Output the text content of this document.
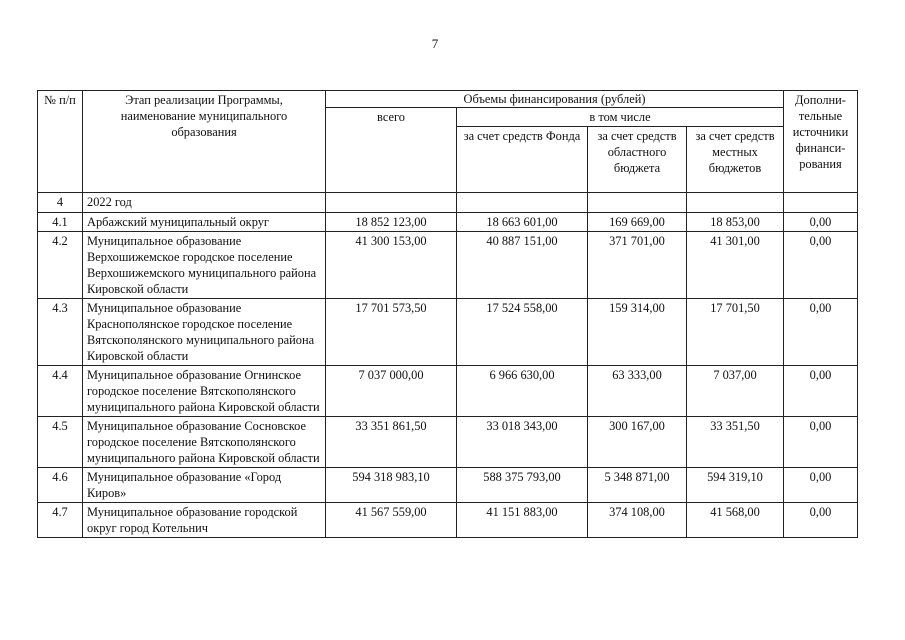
7
№ п/п	Этап реализации Программы, наименование муниципального образования	Объемы финансирования (рублей)				Дополни-тельные источники финанси-рования
		всего	в том числе			
			за счет средств Фонда	за счет средств областного бюджета	за счет средств местных бюджетов	
4	2022 год					
4.1	Арбажский муниципальный округ	18 852 123,00	18 663 601,00	169 669,00	18 853,00	0,00
4.2	Муниципальное образование Верхошижемское городское поселение Верхошижемского муниципального района Кировской области	41 300 153,00	40 887 151,00	371 701,00	41 301,00	0,00
4.3	Муниципальное образование Краснополянское городское поселение Вятскополянского муниципального района Кировской области	17 701 573,50	17 524 558,00	159 314,00	17 701,50	0,00
4.4	Муниципальное образование Огнинское городское поселение Вятскополянского муниципального района Кировской области	7 037 000,00	6 966 630,00	63 333,00	7 037,00	0,00
4.5	Муниципальное образование Сосновское городское поселение Вятскополянского муниципального района Кировской области	33 351 861,50	33 018 343,00	300 167,00	33 351,50	0,00
4.6	Муниципальное образование «Город Киров»	594 318 983,10	588 375 793,00	5 348 871,00	594 319,10	0,00
4.7	Муниципальное образование городской округ город Котельнич	41 567 559,00	41 151 883,00	374 108,00	41 568,00	0,00
